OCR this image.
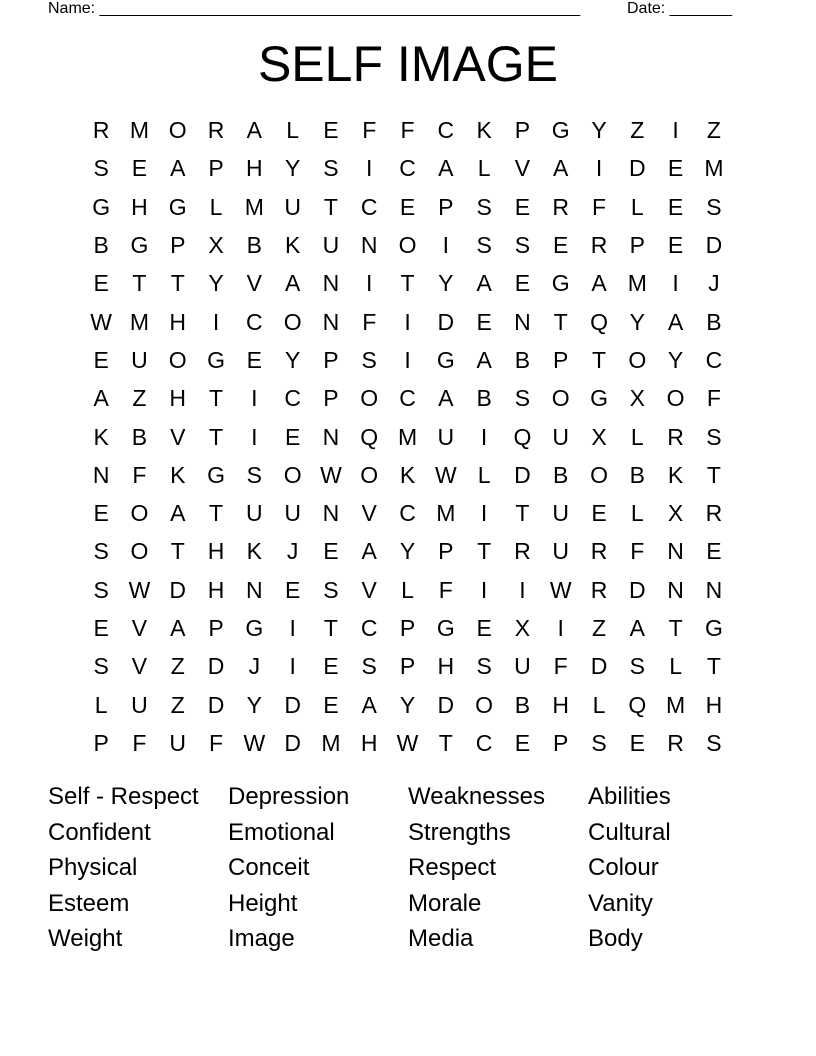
Name: ______________________________________________________	Date: _______
SELF IMAGE
R M O R A	L	E	F	F C K P G Y	Z	I	Z
S E A P H Y S	I	C A	L	V A	I	D E M
G H G L M U T C E P S E R F	L	E S
B G P X B K U N O	I	S S E R P E D
E	T	T	Y V A N	I	T	Y A E G A M	I	J
W M H	I	C O N F	I	D E N T Q Y A B
E U O G E Y P S	I	G A B P	T O Y C
A	Z H T	I	C P O C A B S O G X O F
K B V	T	I	E N Q M U	I	Q U X	L	R S
N F	K G S O W O K W L	D B O B K	T
E O A	T U U N V C M	I	T U E	L	X R
S O T H K	J	E A Y P	T R U R F N E
S W D H N E S V	L	F	I	I	W R D N N
E V A P G	I	T C P G E X	I	Z	A	T G
S V	Z D	J	I	E S P H S U F D S	L	T
L	U Z D Y D E A Y D O B H	L Q M H
P	F U F W D M H W T C E P S E R S
Self - Respect	Depression	Weaknesses	Abilities
Confident	Emotional	Strengths	Cultural
Physical	Conceit	Respect	Colour
Esteem	Height	Morale	Vanity
Weight	Image	Media	Body
